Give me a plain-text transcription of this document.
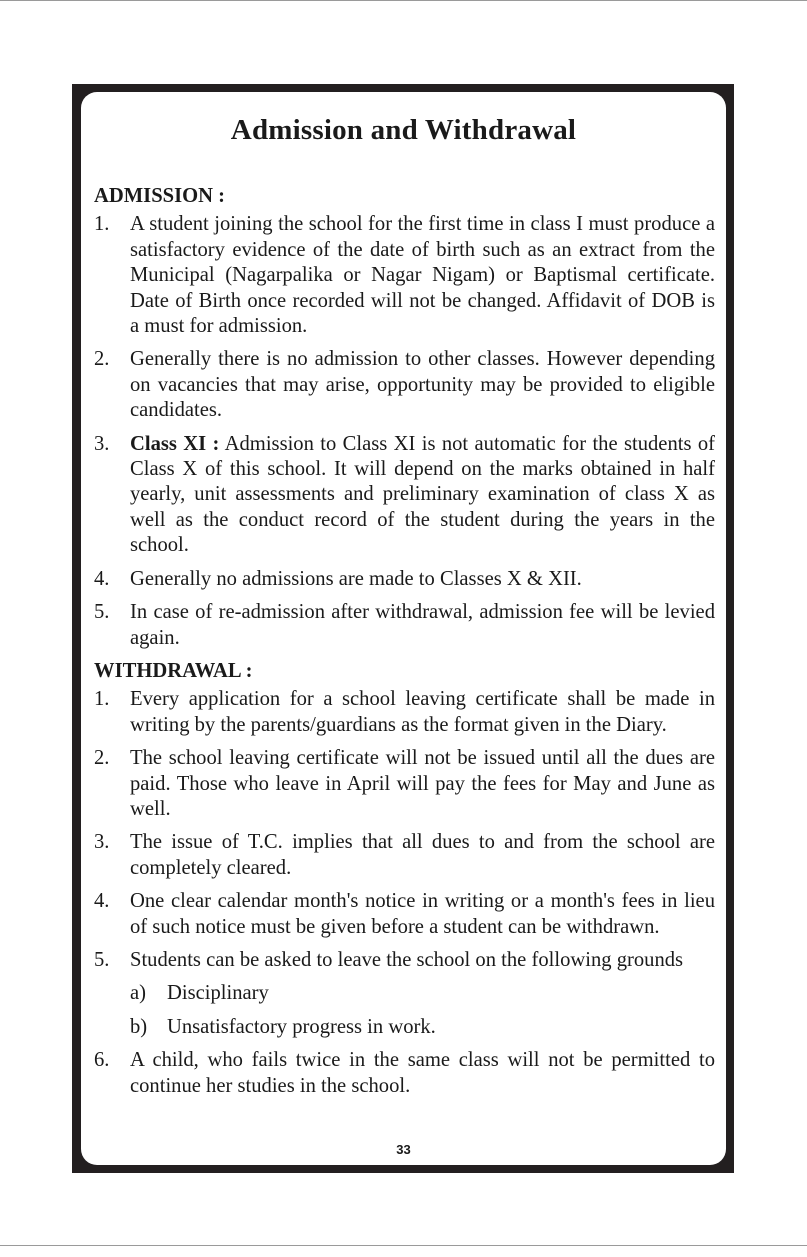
Admission and Withdrawal
ADMISSION :
1. A student joining the school for the first time in class I must produce a satisfactory evidence of the date of birth such as an extract from the Municipal (Nagarpalika or Nagar Nigam) or Baptismal certificate. Date of Birth once recorded will not be changed. Affidavit of DOB is a must for admission.
2. Generally there is no admission to other classes. However depending on vacancies that may arise, opportunity may be provided to eligible candidates.
3. Class XI : Admission to Class XI is not automatic for the students of Class X of this school. It will depend on the marks obtained in half yearly, unit assessments and preliminary examination of class X as well as the conduct record of the student during the years in the school.
4. Generally no admissions are made to Classes X & XII.
5. In case of re-admission after withdrawal, admission fee will be levied again.
WITHDRAWAL :
1. Every application for a school leaving certificate shall be made in writing by the parents/guardians as the format given in the Diary.
2. The school leaving certificate will not be issued until all the dues are paid. Those who leave in April will pay the fees for May and June as well.
3. The issue of T.C. implies that all dues to and from the school are completely cleared.
4. One clear calendar month's notice in writing or a month's fees in lieu of such notice must be given before a student can be withdrawn.
5. Students can be asked to leave the school on the following grounds
a)	Disciplinary
b) Unsatisfactory progress in work.
6. A child, who fails twice in the same class will not be permitted to continue her studies in the school.
33
